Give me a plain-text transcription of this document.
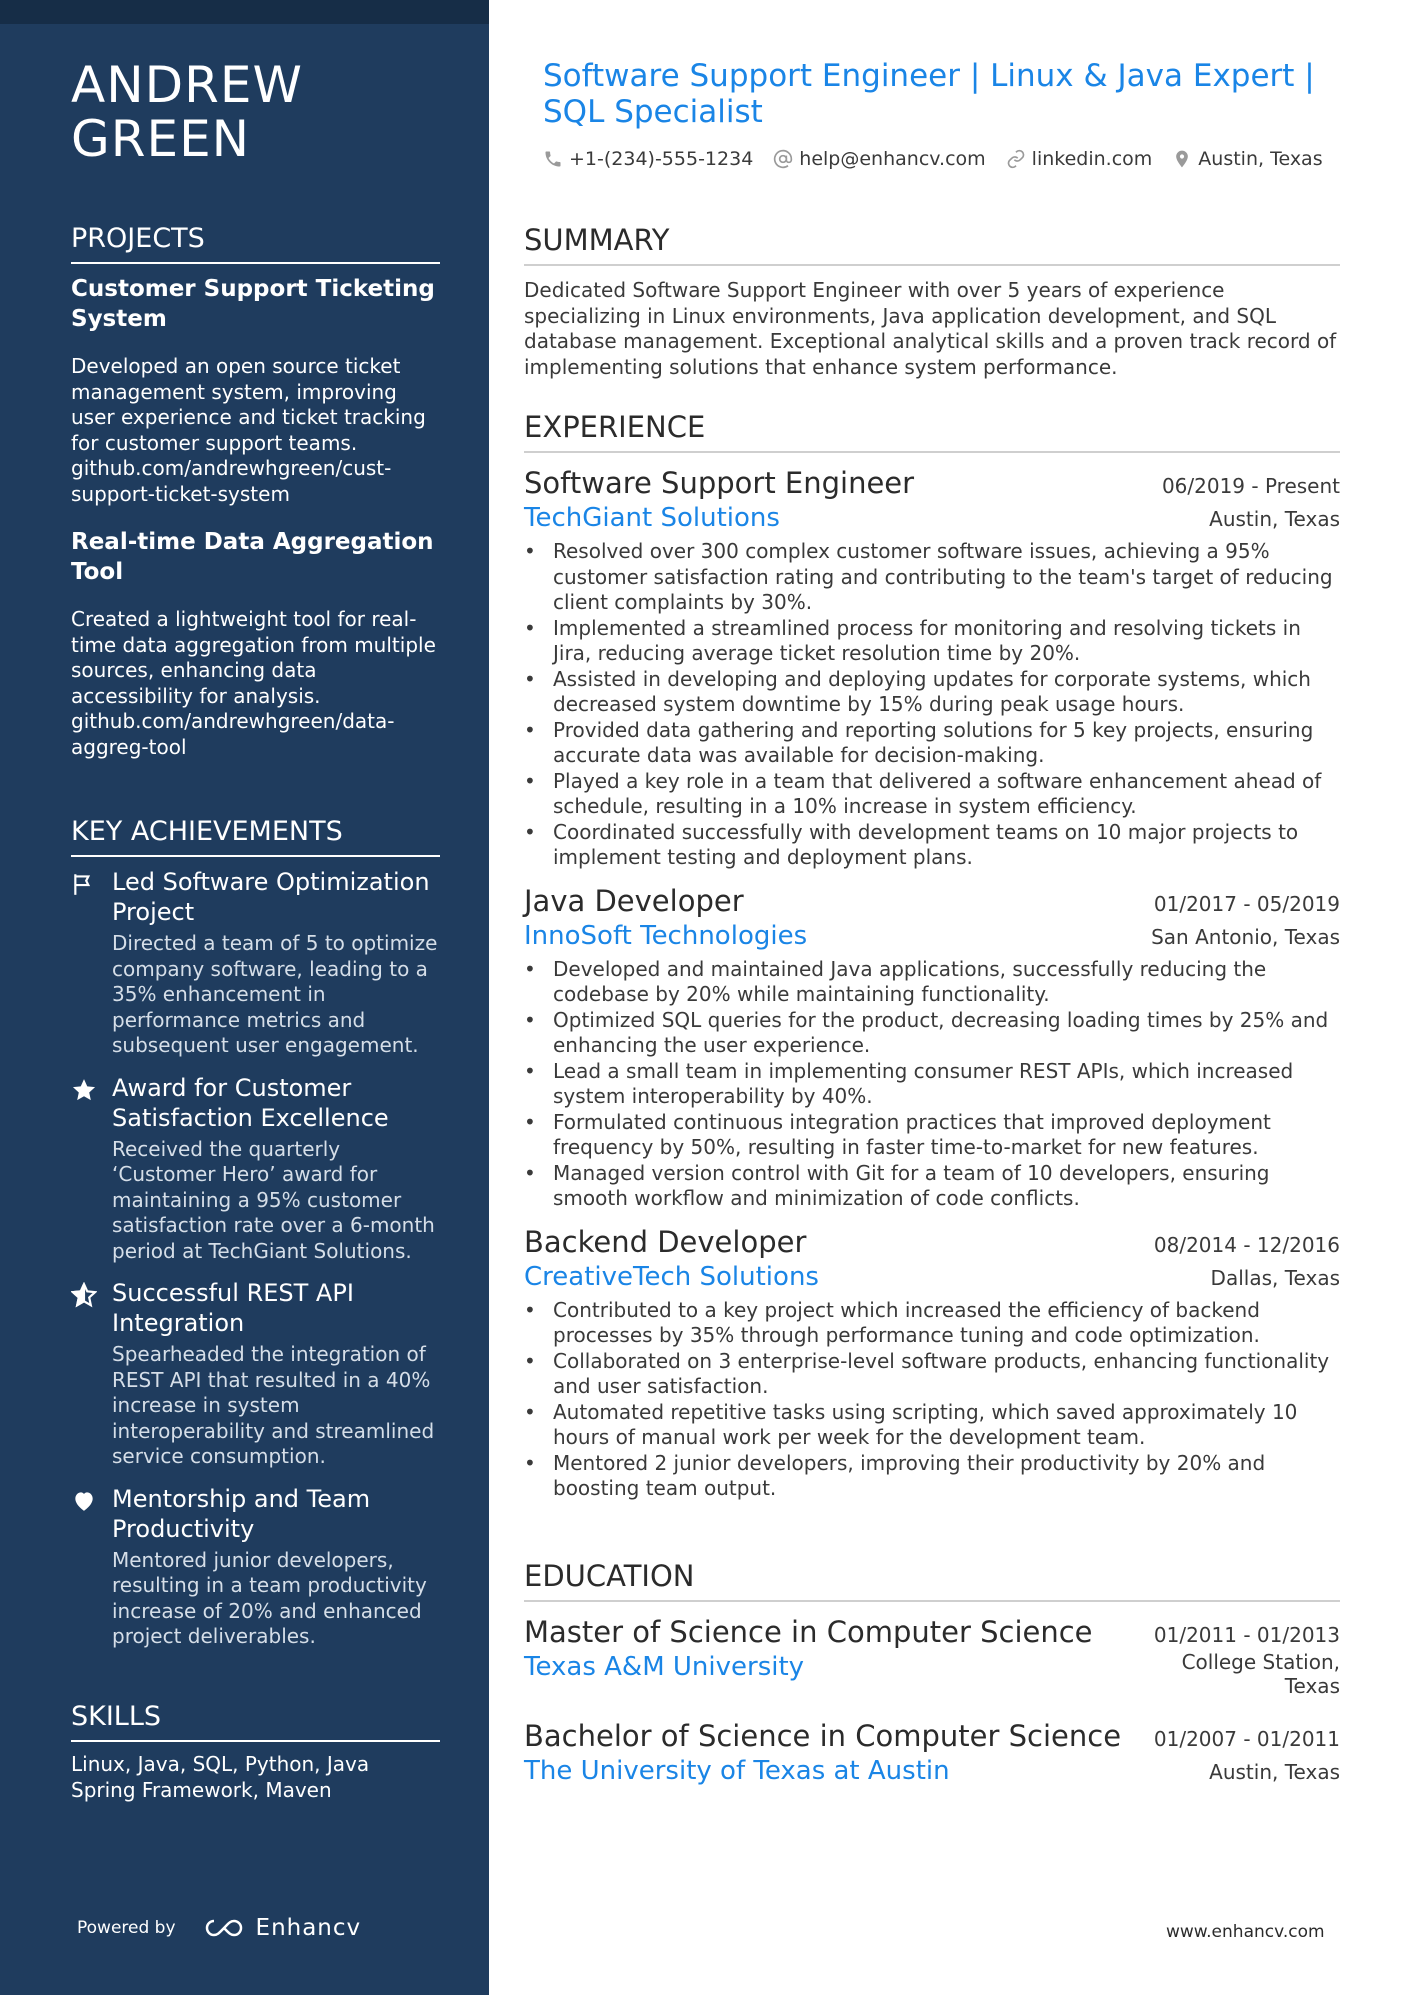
ANDREW
GREEN
PROJECTS
Customer Support Ticketing System
Developed an open source ticket management system, improving user experience and ticket tracking for customer support teams. github.com/andrewhgreen/cust-support-ticket-system
Real-time Data Aggregation Tool
Created a lightweight tool for real-time data aggregation from multiple sources, enhancing data accessibility for analysis. github.com/andrewhgreen/data-aggreg-tool
KEY ACHIEVEMENTS
Led Software Optimization Project
Directed a team of 5 to optimize company software, leading to a 35% enhancement in performance metrics and subsequent user engagement.
Award for Customer Satisfaction Excellence
Received the quarterly ‘Customer Hero’ award for maintaining a 95% customer satisfaction rate over a 6-month period at TechGiant Solutions.
Successful REST API Integration
Spearheaded the integration of REST API that resulted in a 40% increase in system interoperability and streamlined service consumption.
Mentorship and Team Productivity
Mentored junior developers, resulting in a team productivity increase of 20% and enhanced project deliverables.
SKILLS
Linux, Java, SQL, Python, Java Spring Framework, Maven
Powered by	Enhancv
Software Support Engineer | Linux & Java Expert | SQL Specialist
+1-(234)-555-1234 help@enhancv.com linkedin.com Austin, Texas
SUMMARY
Dedicated Software Support Engineer with over 5 years of experience specializing in Linux environments, Java application development, and SQL database management. Exceptional analytical skills and a proven track record of implementing solutions that enhance system performance.
EXPERIENCE
Software Support Engineer	06/2019 - Present
TechGiant Solutions	Austin, Texas
• Resolved over 300 complex customer software issues, achieving a 95% customer satisfaction rating and contributing to the team's target of reducing client complaints by 30%.
• Implemented a streamlined process for monitoring and resolving tickets in Jira, reducing average ticket resolution time by 20%.
• Assisted in developing and deploying updates for corporate systems, which decreased system downtime by 15% during peak usage hours.
• Provided data gathering and reporting solutions for 5 key projects, ensuring accurate data was available for decision-making.
• Played a key role in a team that delivered a software enhancement ahead of schedule, resulting in a 10% increase in system efficiency.
• Coordinated successfully with development teams on 10 major projects to implement testing and deployment plans.
Java Developer	01/2017 - 05/2019
InnoSoft Technologies	San Antonio, Texas
• Developed and maintained Java applications, successfully reducing the codebase by 20% while maintaining functionality.
• Optimized SQL queries for the product, decreasing loading times by 25% and enhancing the user experience.
• Lead a small team in implementing consumer REST APIs, which increased system interoperability by 40%.
• Formulated continuous integration practices that improved deployment frequency by 50%, resulting in faster time-to-market for new features.
• Managed version control with Git for a team of 10 developers, ensuring smooth workflow and minimization of code conflicts.
Backend Developer	08/2014 - 12/2016
CreativeTech Solutions	Dallas, Texas
• Contributed to a key project which increased the efficiency of backend processes by 35% through performance tuning and code optimization.
• Collaborated on 3 enterprise-level software products, enhancing functionality and user satisfaction.
• Automated repetitive tasks using scripting, which saved approximately 10 hours of manual work per week for the development team.
• Mentored 2 junior developers, improving their productivity by 20% and boosting team output.
EDUCATION
Master of Science in Computer Science	01/2011 - 01/2013
Texas A&M University	College Station, Texas
Bachelor of Science in Computer Science 01/2007 - 01/2011
The University of Texas at Austin	Austin, Texas
www.enhancv.com
